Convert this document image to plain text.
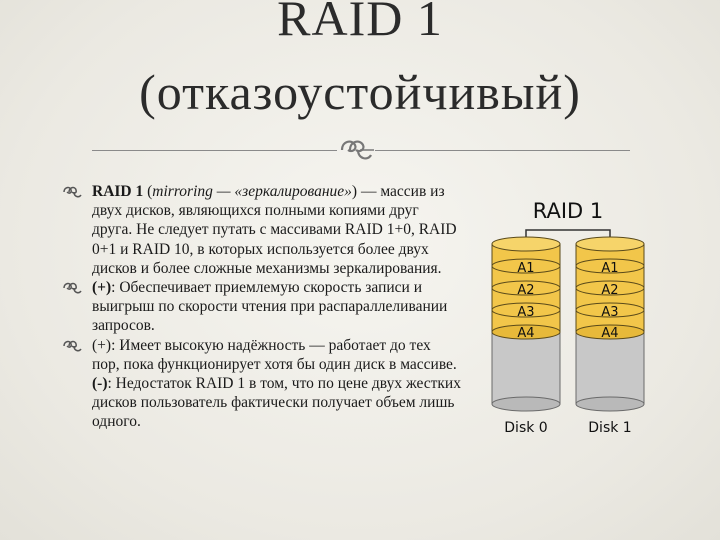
RAID 1
(отказоустойчивый)
RAID 1 (mirroring — «зеркалирование») — массив из двух дисков, являющихся полными копиями друг друга. Не следует путать с массивами RAID 1+0, RAID 0+1 и RAID 10, в которых используется более двух дисков и более сложные механизмы зеркалирования.
(+): Обеспечивает приемлемую скорость записи и выигрыш по скорости чтения при распараллеливании запросов.
(+): Имеет высокую надёжность — работает до тех пор, пока функционирует хотя бы один диск в массиве. (-): Недостаток RAID 1 в том, что по цене двух жестких дисков пользователь фактически получает объем лишь одного.
RAID 1
A1
A2
A3
A4
A1
A2
A3
A4
Disk 0	Disk 1
